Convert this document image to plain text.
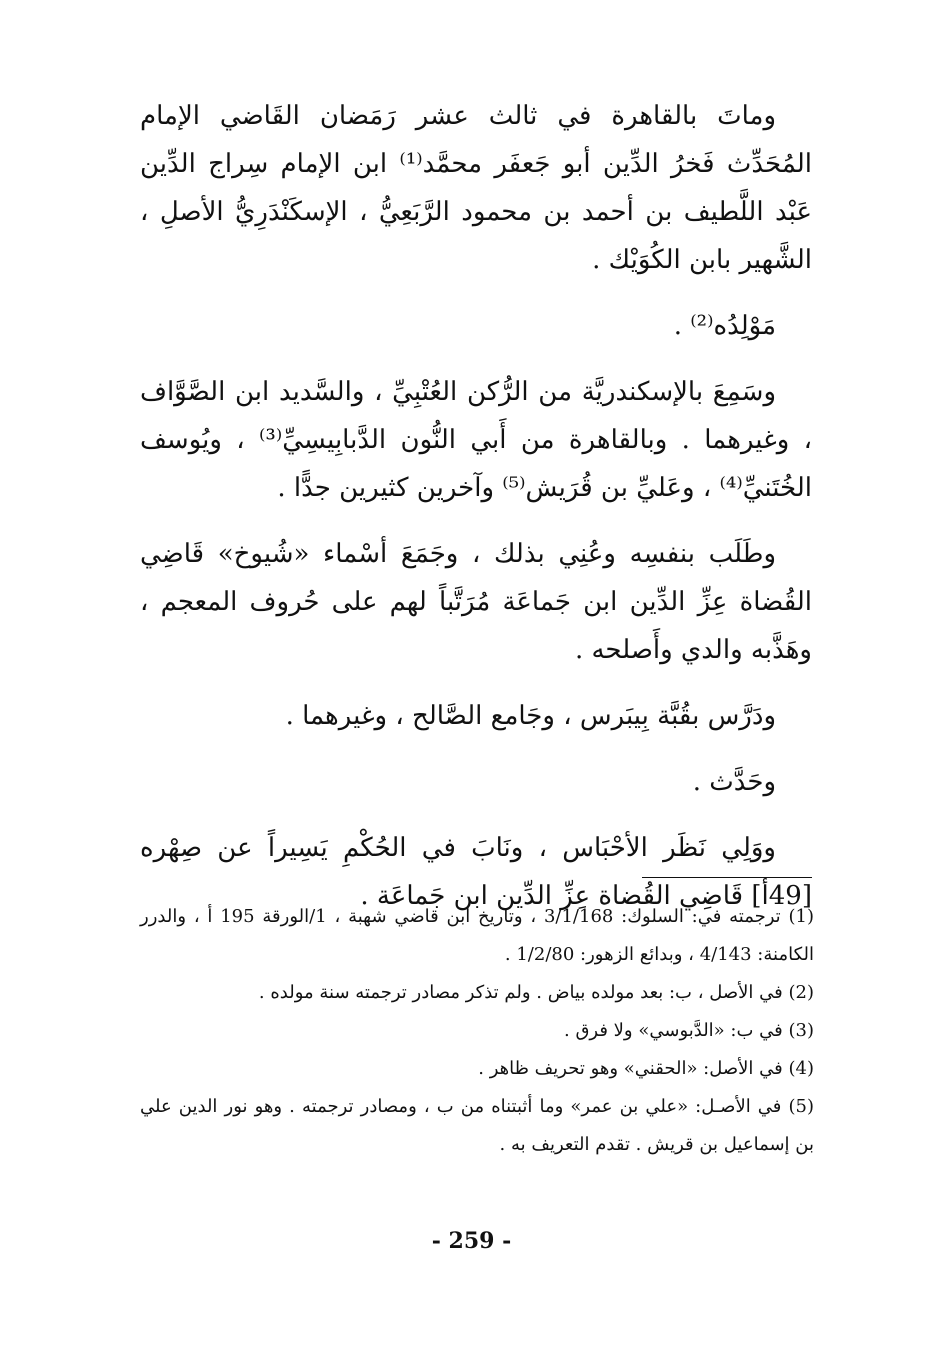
وماتَ بالقاهرة في ثالث عشر رَمَضان القَاضي الإمام المُحَدِّث فَخرُ الدِّين أبو جَعفَر محمَّد⁽¹⁾ ابن الإمام سِراج الدِّين عَبْد اللَّطيف بن أحمد بن محمود الرَّبَعِيُّ ، الإسكَنْدَرِيُّ الأصلِ ، الشَّهير بابن الكُوَيْك .

مَوْلِدُه⁽²⁾ .

وسَمِعَ بالإسكندريَّة من الرُّكن العُتْبِيِّ ، والسَّديد ابن الصَّوَّاف ، وغيرهما . وبالقاهرة من أَبي النُّون الدَّبابِيسِيِّ⁽³⁾ ، ويُوسف الخُتَنيِّ⁽⁴⁾ ، وعَليِّ بن قُرَيش⁽⁵⁾ وآخرين كثيرين جدًّا .

وطَلَب بنفسِه وعُنِي بذلك ، وجَمَعَ أسْماء «شُيوخ» قَاضِي القُضاة عِزِّ الدِّين ابن جَماعَة مُرَتَّباً لهم على حُروف المعجم ، وهَذَّبه والدي وأَصلحه .

ودَرَّس بقُبَّة بِيبَرس ، وجَامع الصَّالح ، وغيرهما .

وحَدَّث .

ووَلِي نَظَر الأحْبَاس ، ونَابَ في الحُكْمِ يَسِيراً عن صِهْره [49أ] قَاضِي القُضاة عِزِّ الدِّين ابن جَماعَة .

(1) ترجمته في: السلوك: 3/1/168 ، وتاريخ ابن قاضي شهبة ، 1/الورقة 195 أ ، والدرر الكامنة: 4/143 ، وبدائع الزهور: 1/2/80 .

(2) في الأصل ، ب: بعد مولده بياض . ولم تذكر مصادر ترجمته سنة مولده .

(3) في ب: «الدَّبوسي» ولا فرق .

(4) في الأصل: «الحقني» وهو تحريف ظاهر .

(5) في الأصـل: «علي بن عمر» وما أثبتناه من ب ، ومصادر ترجمته . وهو نور الدين علي بن إسماعيل بن قريش . تقدم التعريف به .

- 259 -
